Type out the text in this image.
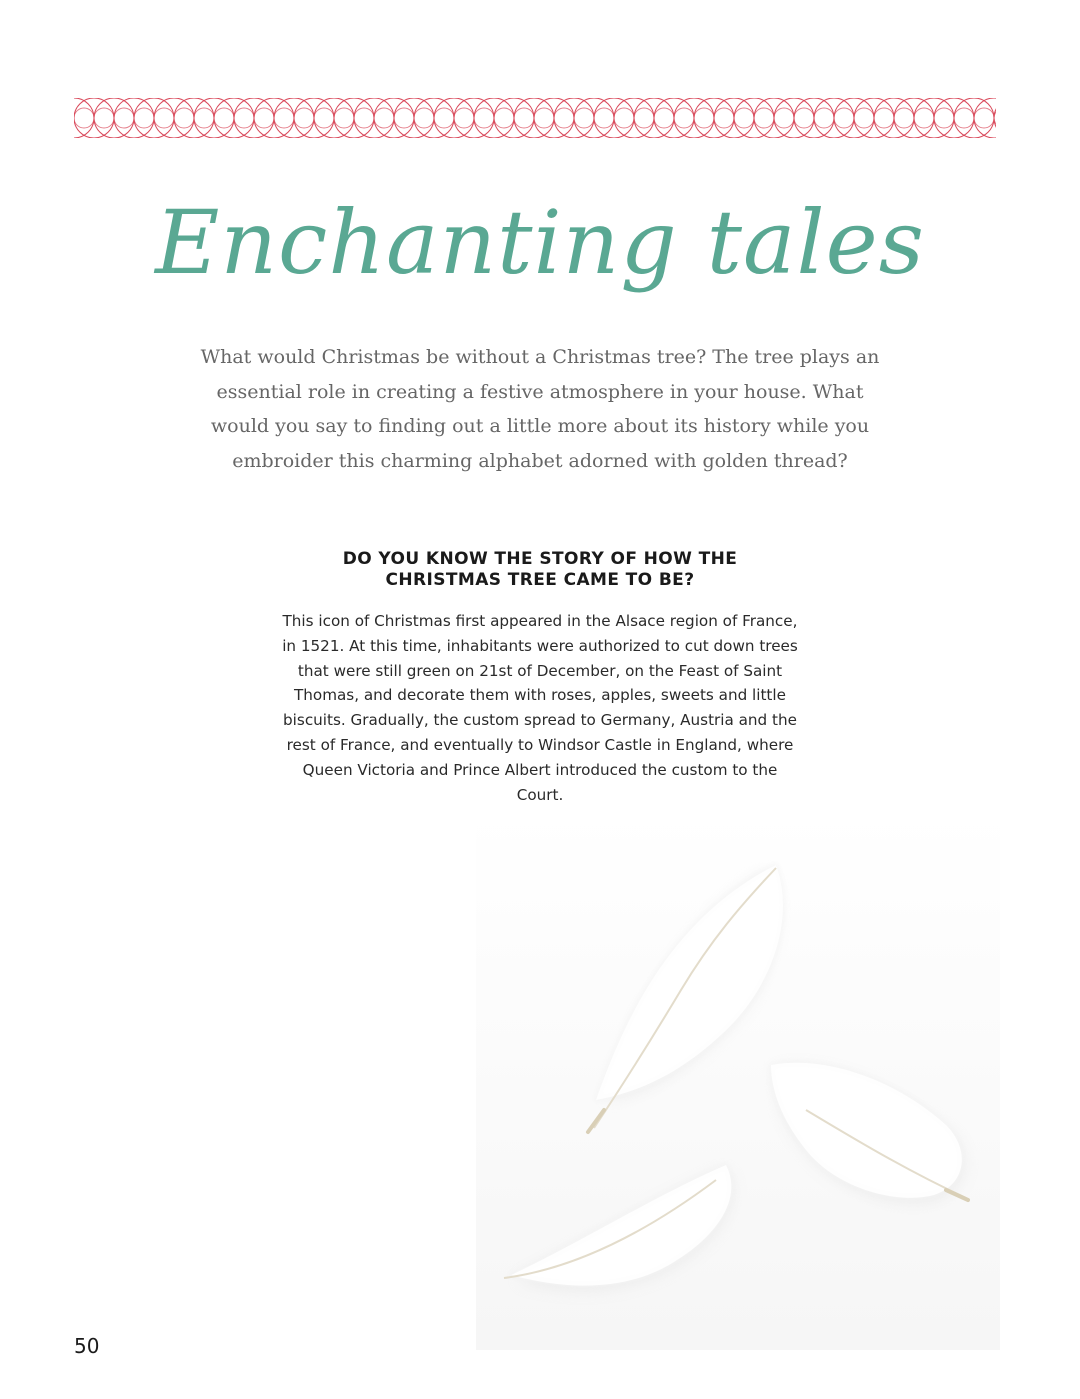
Enchanting tales
What would Christmas be without a Christmas tree? The tree plays an essential role in creating a festive atmosphere in your house. What would you say to finding out a little more about its history while you embroider this charming alphabet adorned with golden thread?
DO YOU KNOW THE STORY OF HOW THE
CHRISTMAS TREE CAME TO BE?
This icon of Christmas first appeared in the Alsace region of France, in 1521. At this time, inhabitants were authorized to cut down trees that were still green on 21st of December, on the Feast of Saint Thomas, and decorate them with roses, apples, sweets and little biscuits. Gradually, the custom spread to Germany, Austria and the rest of France, and eventually to Windsor Castle in England, where Queen Victoria and Prince Albert introduced the custom to the Court.
50
